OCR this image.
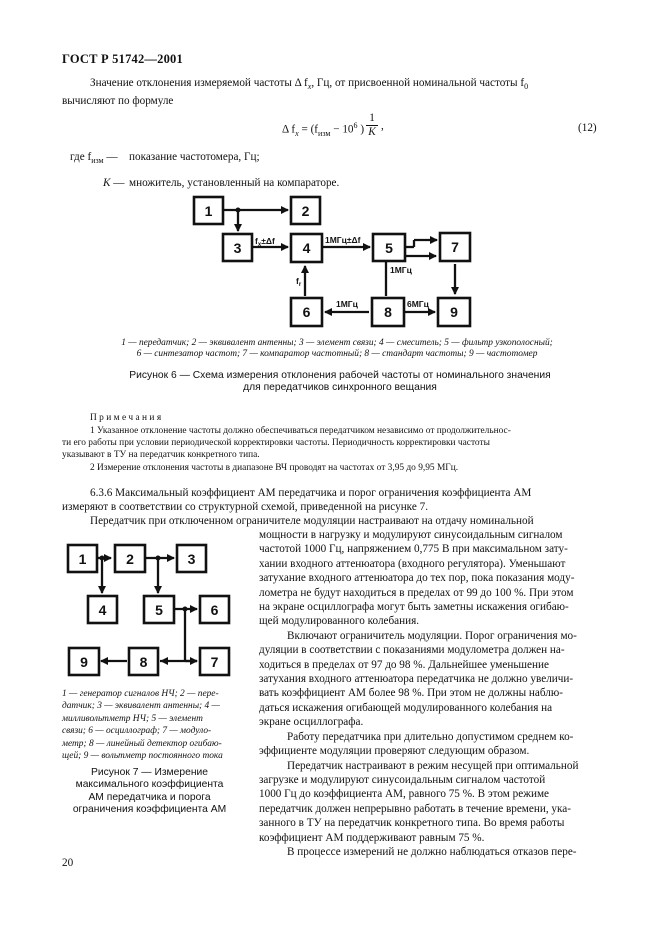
ГОСТ Р 51742—2001
Значение отклонения измеряемой частоты Δ $f_x$, Гц, от присвоенной номинальной частоты $f_0$
вычисляют по формуле
Δ $f_x = (f_{изм} - 10^6$ ) $\frac{1}{K}$ ,	(12)
где $f_{изм}$ — показание частотомера, Гц;
K — множитель, установленный на компараторе.
1	2
3	4	5	7
6	8	9
$f_x\pm\Delta f$	1МГц±Δf
1МГц
1МГц	6МГц
$f_r$
1 — передатчик; 2 — эквивалент антенны; 3 — элемент связи; 4 — смеситель; 5 — фильтр узкополосный;
6 — синтезатор частот; 7 — компаратор частотный; 8 — стандарт частоты; 9 — частотомер
Рисунок 6 — Схема измерения отклонения рабочей частоты от номинального значения
для передатчиков синхронного вещания
Примечания
1 Указанное отклонение частоты должно обеспечиваться передатчиком независимо от продолжительнос-
ти его работы при условии периодической корректировки частоты. Периодичность корректировки частоты
указывают в ТУ на передатчик конкретного типа.
2 Измерение отклонения частоты в диапазоне ВЧ проводят на частотах от 3,95 до 9,95 МГц.
6.3.6 Максимальный коэффициент АМ передатчика и порог ограничения коэффициента АМ
измеряют в соответствии со структурной схемой, приведенной на рисунке 7.
Передатчик при отключенном ограничителе модуляции настраивают на отдачу номинальной
мощности в нагрузку и модулируют синусоидальным сигналом
частотой 1000 Гц, напряжением 0,775 В при максимальном зату-
хании входного аттенюатора (входного регулятора). Уменьшают
затухание входного аттенюатора до тех пор, пока показания моду-
лометра не будут находиться в пределах от 99 до 100 %. При этом
на экране осциллографа могут быть заметны искажения огибаю-
щей модулированного колебания.
Включают ограничитель модуляции. Порог ограничения мо-
дуляции в соответствии с показаниями модулометра должен на-
ходиться в пределах от 97 до 98 %. Дальнейшее уменьшение
затухания входного аттенюатора передатчика не должно увеличи-
вать коэффициент АМ более 98 %. При этом не должны наблю-
даться искажения огибающей модулированного колебания на
экране осциллографа.
Работу передатчика при длительно допустимом среднем ко-
эффициенте модуляции проверяют следующим образом.
Передатчик настраивают в режим несущей при оптимальной
загрузке и модулируют синусоидальным сигналом частотой
1000 Гц до коэффициента АМ, равного 75 %. В этом режиме
передатчик должен непрерывно работать в течение времени, ука-
занного в ТУ на передатчик конкретного типа. Во время работы
коэффициент АМ поддерживают равным 75 %.
В процессе измерений не должно наблюдаться отказов пере-
1	2	3
4	5	6
9	8	7
1 — генератор сигналов НЧ; 2 — пере-
датчик; 3 — эквивалент антенны; 4 —
милливольтметр НЧ; 5 — элемент
связи; 6 — осциллограф; 7 — модуло-
метр; 8 — линейный детектор огибаю-
щей; 9 — вольтметр постоянного тока
Рисунок 7 — Измерение
максимального коэффициента
АМ передатчика и порога
ограничения коэффициента АМ
20
